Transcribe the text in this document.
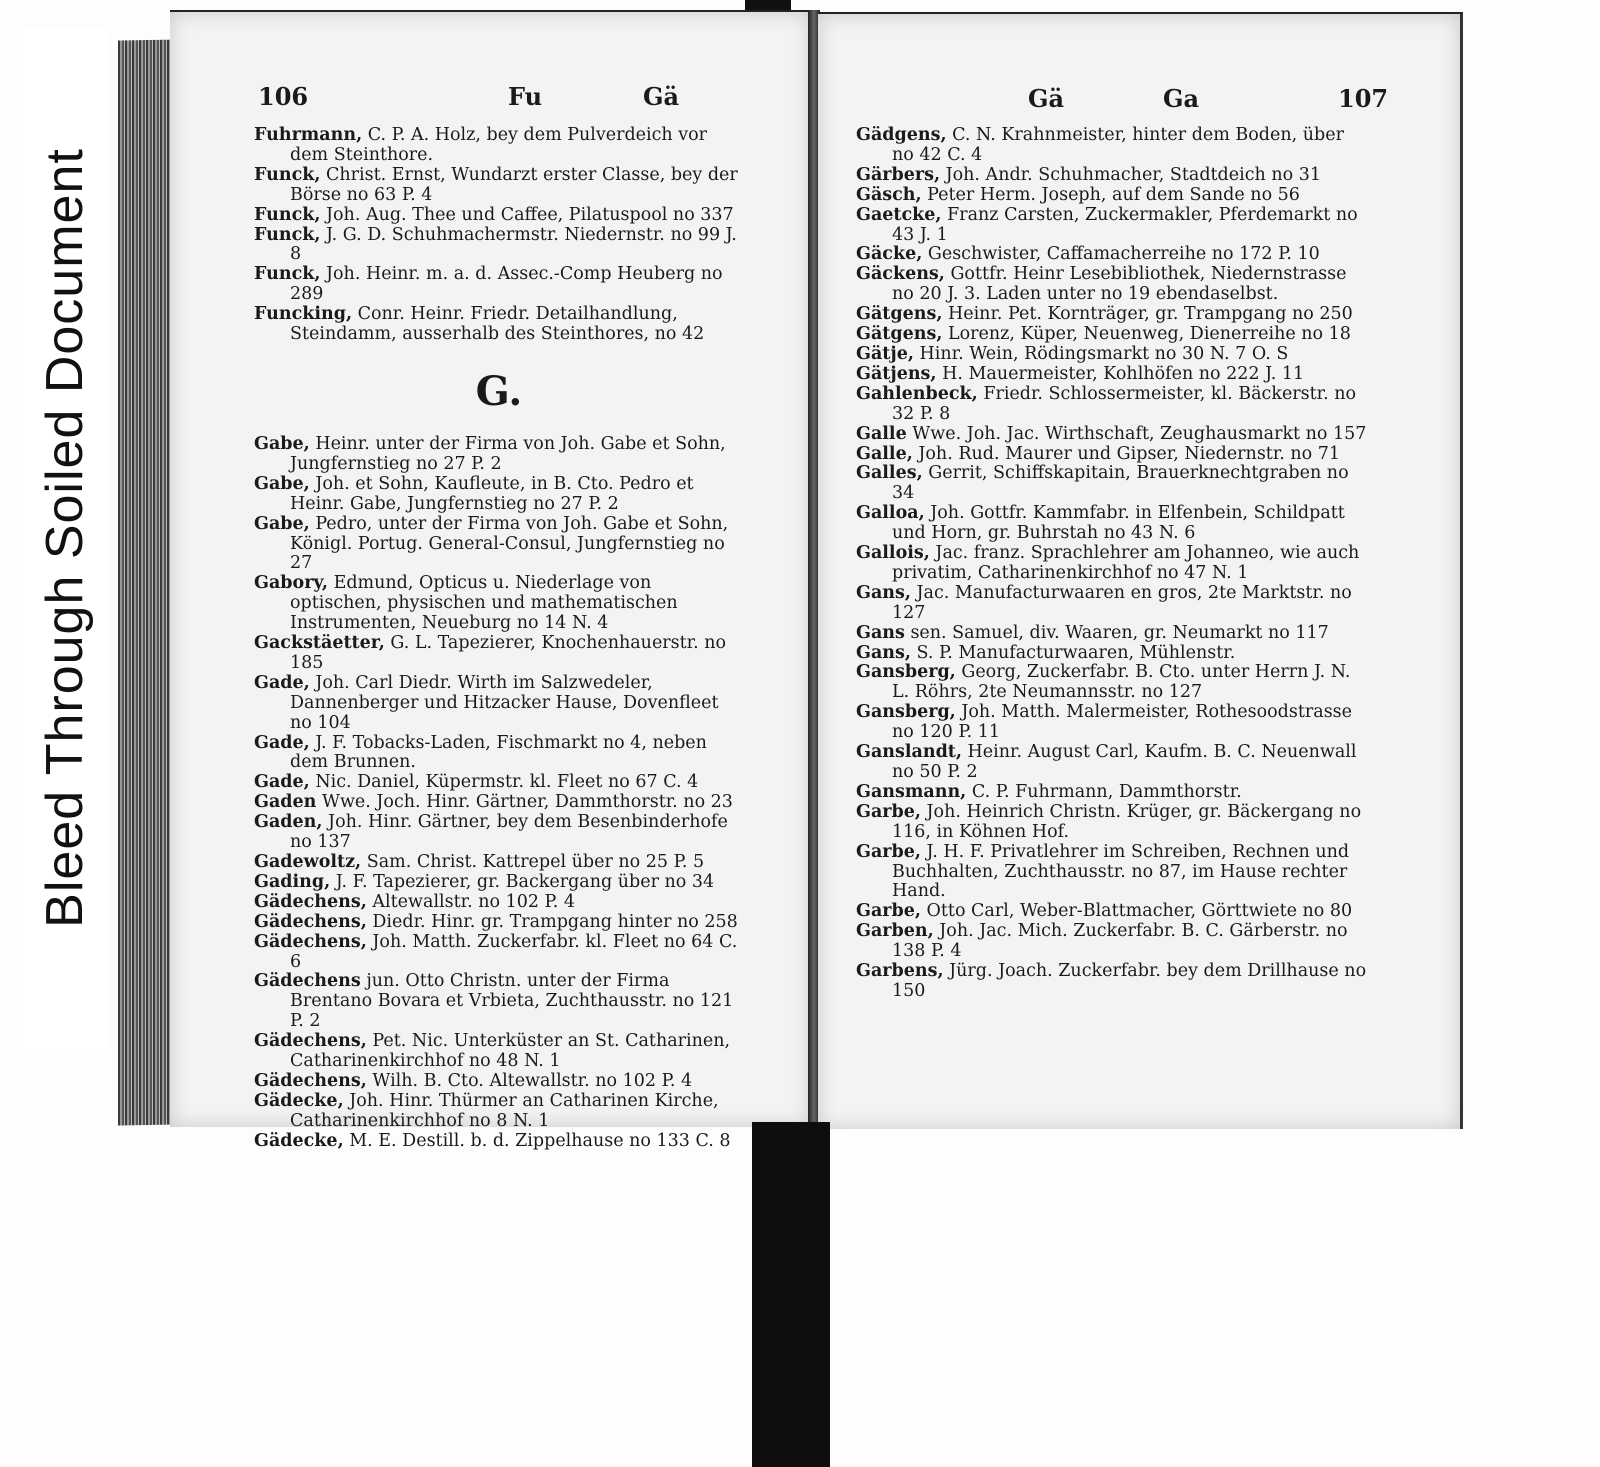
Bleed Through Soiled Document
106	Fu	Gä
Fuhrmann, C. P. A. Holz, bey dem Pulverdeich vor dem Steinthore.
Funck, Christ. Ernst, Wundarzt erster Classe, bey der Börse no 63 P. 4
Funck, Joh. Aug. Thee und Caffee, Pilatuspool no 337
Funck, J. G. D. Schuhmachermstr. Niedernstr. no 99 J. 8
Funck, Joh. Heinr. m. a. d. Assec.-Comp Heuberg no 289
Funcking, Conr. Heinr. Friedr. Detailhandlung, Steindamm, ausserhalb des Steinthores, no 42
G.
Gabe, Heinr. unter der Firma von Joh. Gabe et Sohn, Jungfernstieg no 27 P. 2
Gabe, Joh. et Sohn, Kaufleute, in B. Cto. Pedro et Heinr. Gabe, Jungfernstieg no 27 P. 2
Gabe, Pedro, unter der Firma von Joh. Gabe et Sohn, Königl. Portug. General-Consul, Jungfernstieg no 27
Gabory, Edmund, Opticus u. Niederlage von optischen, physischen und mathematischen Instrumenten, Neueburg no 14 N. 4
Gackstäetter, G. L. Tapezierer, Knochenhauerstr. no 185
Gade, Joh. Carl Diedr. Wirth im Salzwedeler, Dannenberger und Hitzacker Hause, Dovenfleet no 104
Gade, J. F. Tobacks-Laden, Fischmarkt no 4, neben dem Brunnen.
Gade, Nic. Daniel, Küpermstr. kl. Fleet no 67 C. 4
Gaden Wwe. Joch. Hinr. Gärtner, Dammthorstr. no 23
Gaden, Joh. Hinr. Gärtner, bey dem Besenbinderhofe no 137
Gadewoltz, Sam. Christ. Kattrepel über no 25 P. 5
Gading, J. F. Tapezierer, gr. Backergang über no 34
Gädechens, Altewallstr. no 102 P. 4
Gädechens, Diedr. Hinr. gr. Trampgang hinter no 258
Gädechens, Joh. Matth. Zuckerfabr. kl. Fleet no 64 C. 6
Gädechens jun. Otto Christn. unter der Firma Brentano Bovara et Vrbieta, Zuchthausstr. no 121 P. 2
Gädechens, Pet. Nic. Unterküster an St. Catharinen, Catharinenkirchhof no 48 N. 1
Gädechens, Wilh. B. Cto. Altewallstr. no 102 P. 4
Gädecke, Joh. Hinr. Thürmer an Catharinen Kirche, Catharinenkirchhof no 8 N. 1
Gädecke, M. E. Destill. b. d. Zippelhause no 133 C. 8
Gä	Ga	107
Gädgens, C. N. Krahnmeister, hinter dem Boden, über no 42 C. 4
Gärbers, Joh. Andr. Schuhmacher, Stadtdeich no 31
Gäsch, Peter Herm. Joseph, auf dem Sande no 56
Gaetcke, Franz Carsten, Zuckermakler, Pferdemarkt no 43 J. 1
Gäcke, Geschwister, Caffamacherreihe no 172 P. 10
Gäckens, Gottfr. Heinr Lesebibliothek, Niedernstrasse no 20 J. 3. Laden unter no 19 ebendaselbst.
Gätgens, Heinr. Pet. Kornträger, gr. Trampgang no 250
Gätgens, Lorenz, Küper, Neuenweg, Dienerreihe no 18
Gätje, Hinr. Wein, Rödingsmarkt no 30 N. 7 O. S
Gätjens, H. Mauermeister, Kohlhöfen no 222 J. 11
Gahlenbeck, Friedr. Schlossermeister, kl. Bäckerstr. no 32 P. 8
Galle Wwe. Joh. Jac. Wirthschaft, Zeughausmarkt no 157
Galle, Joh. Rud. Maurer und Gipser, Niedernstr. no 71
Galles, Gerrit, Schiffskapitain, Brauerknechtgraben no 34
Galloa, Joh. Gottfr. Kammfabr. in Elfenbein, Schildpatt und Horn, gr. Buhrstah no 43 N. 6
Gallois, Jac. franz. Sprachlehrer am Johanneo, wie auch privatim, Catharinenkirchhof no 47 N. 1
Gans, Jac. Manufacturwaaren en gros, 2te Marktstr. no 127
Gans sen. Samuel, div. Waaren, gr. Neumarkt no 117
Gans, S. P. Manufacturwaaren, Mühlenstr.
Gansberg, Georg, Zuckerfabr. B. Cto. unter Herrn J. N. L. Röhrs, 2te Neumannsstr. no 127
Gansberg, Joh. Matth. Malermeister, Rothesoodstrasse no 120 P. 11
Ganslandt, Heinr. August Carl, Kaufm. B. C. Neuenwall no 50 P. 2
Gansmann, C. P. Fuhrmann, Dammthorstr.
Garbe, Joh. Heinrich Christn. Krüger, gr. Bäckergang no 116, in Köhnen Hof.
Garbe, J. H. F. Privatlehrer im Schreiben, Rechnen und Buchhalten, Zuchthausstr. no 87, im Hause rechter Hand.
Garbe, Otto Carl, Weber-Blattmacher, Görttwiete no 80
Garben, Joh. Jac. Mich. Zuckerfabr. B. C. Gärberstr. no 138 P. 4
Garbens, Jürg. Joach. Zuckerfabr. bey dem Drillhause no 150
